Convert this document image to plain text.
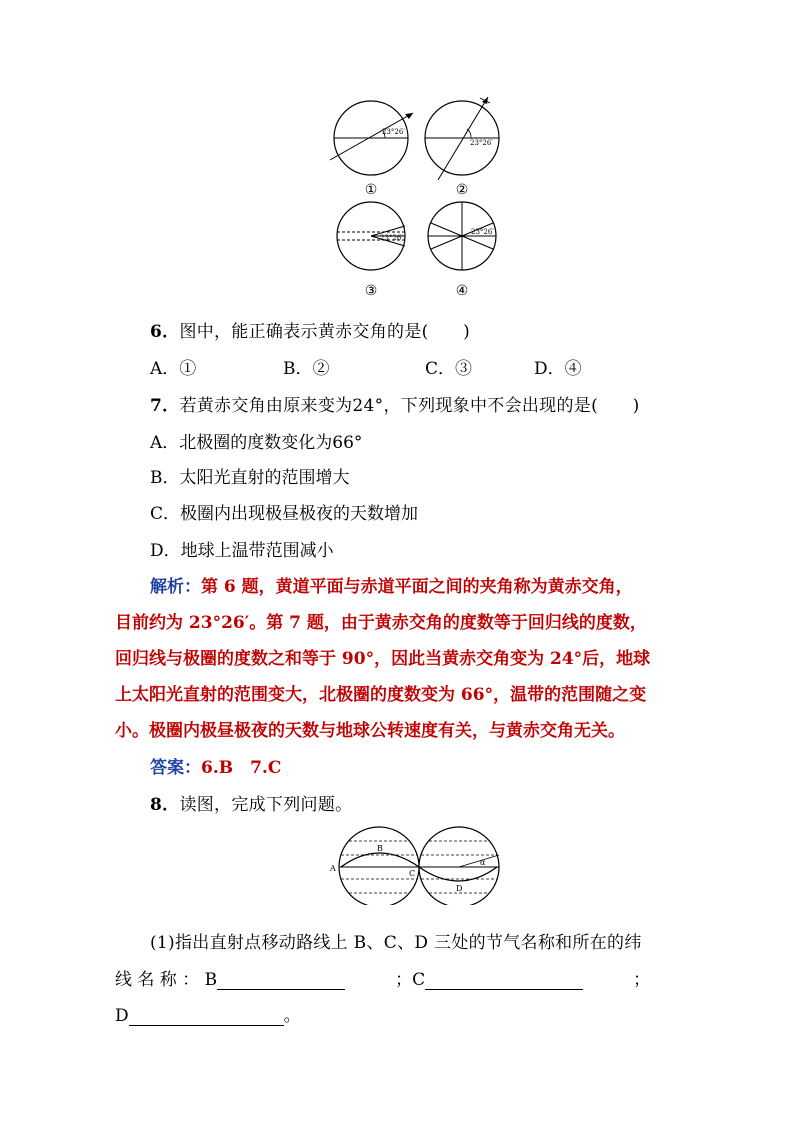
23°26′
23°26′
23°26′
23°26′
①	②
③	④
6．图中，能正确表示黄赤交角的是(　　)
A．①	B．②	C．③	D．④
7．若黄赤交角由原来变为24°，下列现象中不会出现的是(　　)
A．北极圈的度数变化为66°
B．太阳光直射的范围增大
C．极圈内出现极昼极夜的天数增加
D．地球上温带范围减小
解析：第 6 题，黄道平面与赤道平面之间的夹角称为黄赤交角，
目前约为 23°26′。第 7 题，由于黄赤交角的度数等于回归线的度数，
回归线与极圈的度数之和等于 90°，因此当黄赤交角变为 24°后，地球
上太阳光直射的范围变大，北极圈的度数变为 66°，温带的范围随之变
小。极圈内极昼极夜的天数与地球公转速度有关，与黄赤交角无关。
答案：6.B　7.C
8．读图，完成下列问题。
A
B
C
D
α
(1)指出直射点移动路线上 B、C、D 三处的节气名称和所在的纬
线 名 称 ： B	；C	；
D	。
